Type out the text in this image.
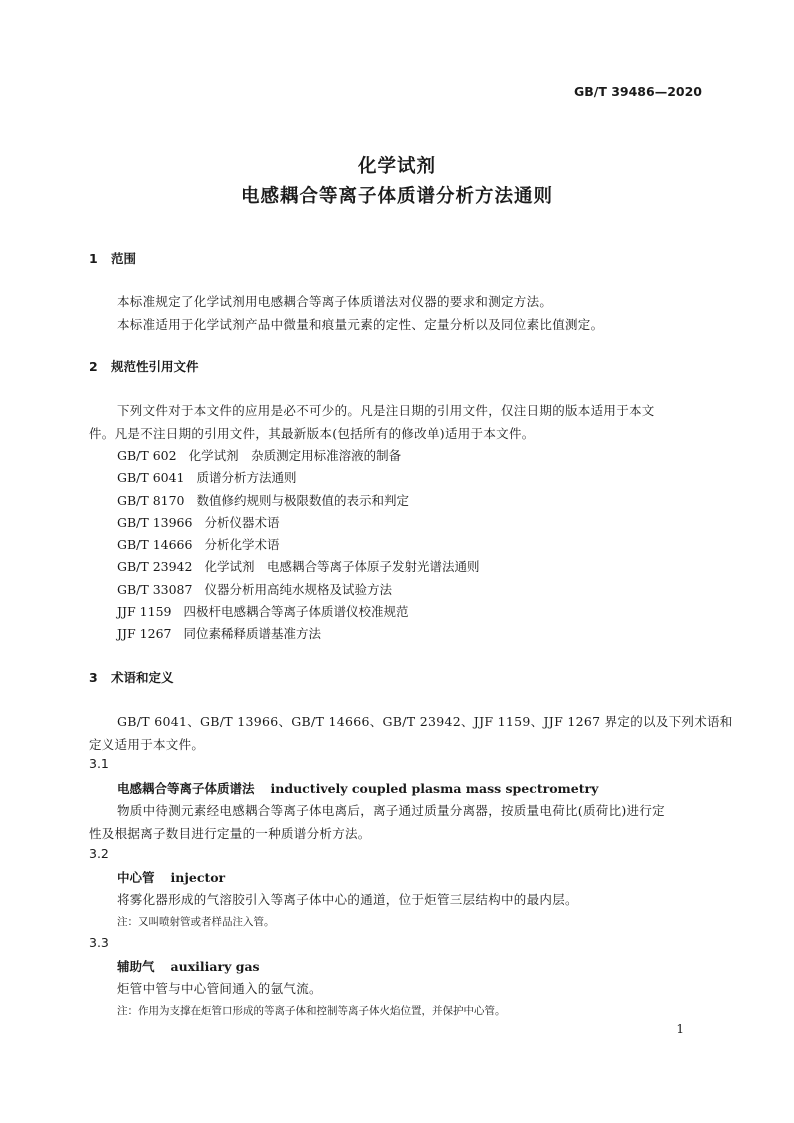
GB/T 39486—2020
化学试剂
电感耦合等离子体质谱分析方法通则
1 范围
本标准规定了化学试剂用电感耦合等离子体质谱法对仪器的要求和测定方法。
本标准适用于化学试剂产品中微量和痕量元素的定性、定量分析以及同位素比值测定。
2 规范性引用文件
下列文件对于本文件的应用是必不可少的。凡是注日期的引用文件，仅注日期的版本适用于本文
件。凡是不注日期的引用文件，其最新版本(包括所有的修改单)适用于本文件。
GB/T 602 化学试剂　杂质测定用标准溶液的制备
GB/T 6041 质谱分析方法通则
GB/T 8170 数值修约规则与极限数值的表示和判定
GB/T 13966 分析仪器术语
GB/T 14666 分析化学术语
GB/T 23942 化学试剂　电感耦合等离子体原子发射光谱法通则
GB/T 33087 仪器分析用高纯水规格及试验方法
JJF 1159 四极杆电感耦合等离子体质谱仪校准规范
JJF 1267 同位素稀释质谱基准方法
3 术语和定义
GB/T 6041、GB/T 13966、GB/T 14666、GB/T 23942、JJF 1159、JJF 1267 界定的以及下列术语和
定义适用于本文件。
3.1
电感耦合等离子体质谱法 inductively coupled plasma mass spectrometry
物质中待测元素经电感耦合等离子体电离后，离子通过质量分离器，按质量电荷比(质荷比)进行定
性及根据离子数目进行定量的一种质谱分析方法。
3.2
中心管 injector
将雾化器形成的气溶胶引入等离子体中心的通道，位于炬管三层结构中的最内层。
注：又叫喷射管或者样品注入管。
3.3
辅助气 auxiliary gas
炬管中管与中心管间通入的氩气流。
注：作用为支撑在炬管口形成的等离子体和控制等离子体火焰位置，并保护中心管。
1
